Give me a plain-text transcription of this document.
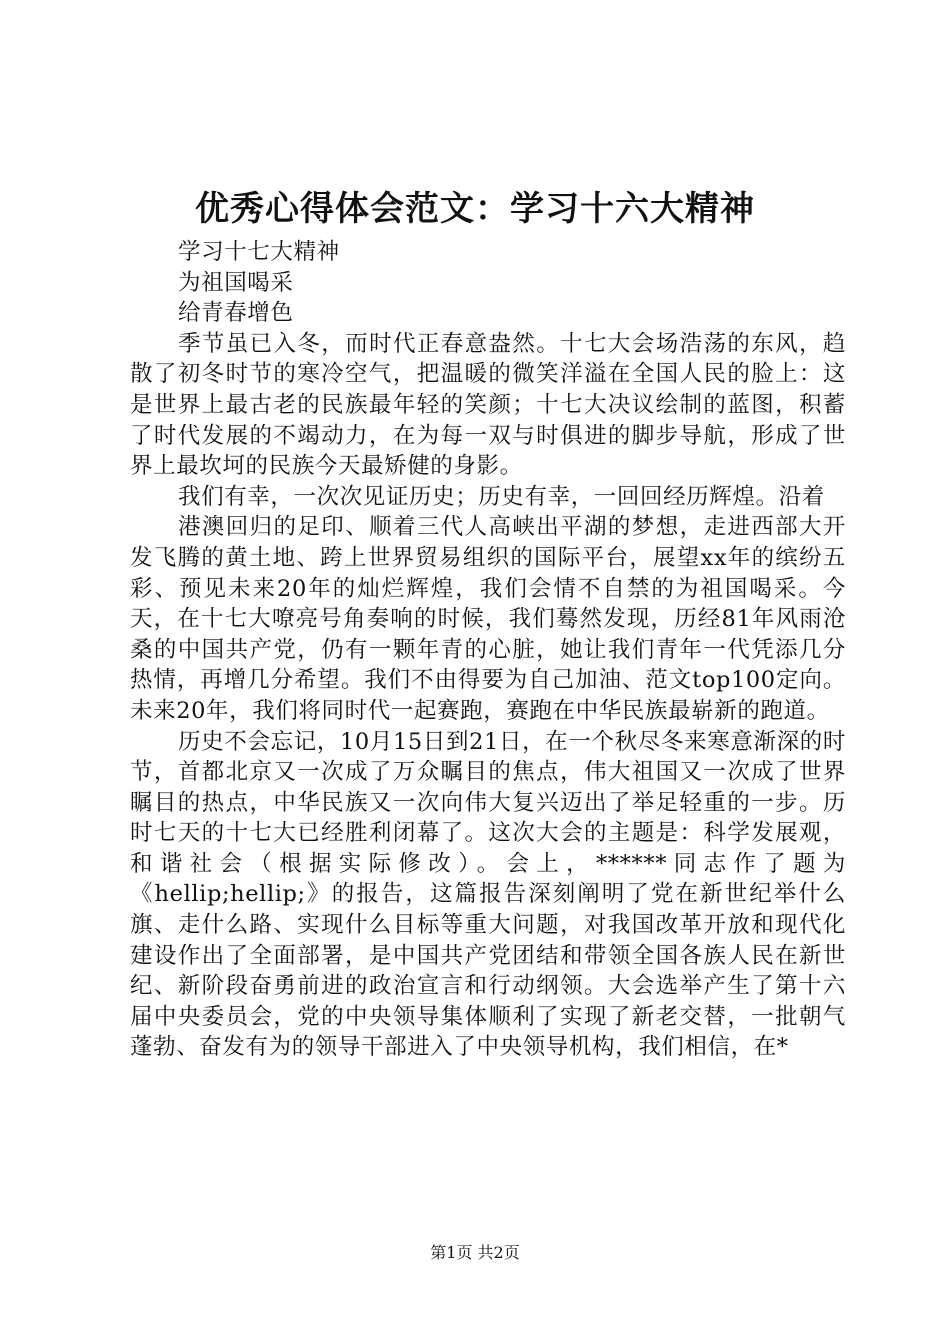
优秀心得体会范文：学习十六大精神

学习十七大精神

为祖国喝采

给青春增色

季节虽已入冬，而时代正春意盎然。十七大会场浩荡的东风，趋散了初冬时节的寒冷空气，把温暖的微笑洋溢在全国人民的脸上：这是世界上最古老的民族最年轻的笑颜；十七大决议绘制的蓝图，积蓄了时代发展的不竭动力，在为每一双与时俱进的脚步导航，形成了世界上最坎坷的民族今天最矫健的身影。

我们有幸，一次次见证历史；历史有幸，一回回经历辉煌。沿着

港澳回归的足印、顺着三代人高峡出平湖的梦想，走进西部大开发飞腾的黄土地、跨上世界贸易组织的国际平台，展望xx年的缤纷五彩、预见未来20年的灿烂辉煌，我们会情不自禁的为祖国喝采。今天，在十七大嘹亮号角奏响的时候，我们蓦然发现，历经81年风雨沧桑的中国共产党，仍有一颗年青的心脏，她让我们青年一代凭添几分热情，再增几分希望。我们不由得要为自己加油、范文top100定向。未来20年，我们将同时代一起赛跑，赛跑在中华民族最崭新的跑道。

历史不会忘记，10月15日到21日，在一个秋尽冬来寒意渐深的时节，首都北京又一次成了万众瞩目的焦点，伟大祖国又一次成了世界瞩目的热点，中华民族又一次向伟大复兴迈出了举足轻重的一步。历时七天的十七大已经胜利闭幕了。这次大会的主题是：科学发展观，和谐社会（根据实际修改）。会上，******同志作了题为《hellip;hellip;》的报告，这篇报告深刻阐明了党在新世纪举什么旗、走什么路、实现什么目标等重大问题，对我国改革开放和现代化建设作出了全面部署，是中国共产党团结和带领全国各族人民在新世纪、新阶段奋勇前进的政治宣言和行动纲领。大会选举产生了第十六届中央委员会，党的中央领导集体顺利了实现了新老交替，一批朝气蓬勃、奋发有为的领导干部进入了中央领导机构，我们相信，在*

第1页 共2页
